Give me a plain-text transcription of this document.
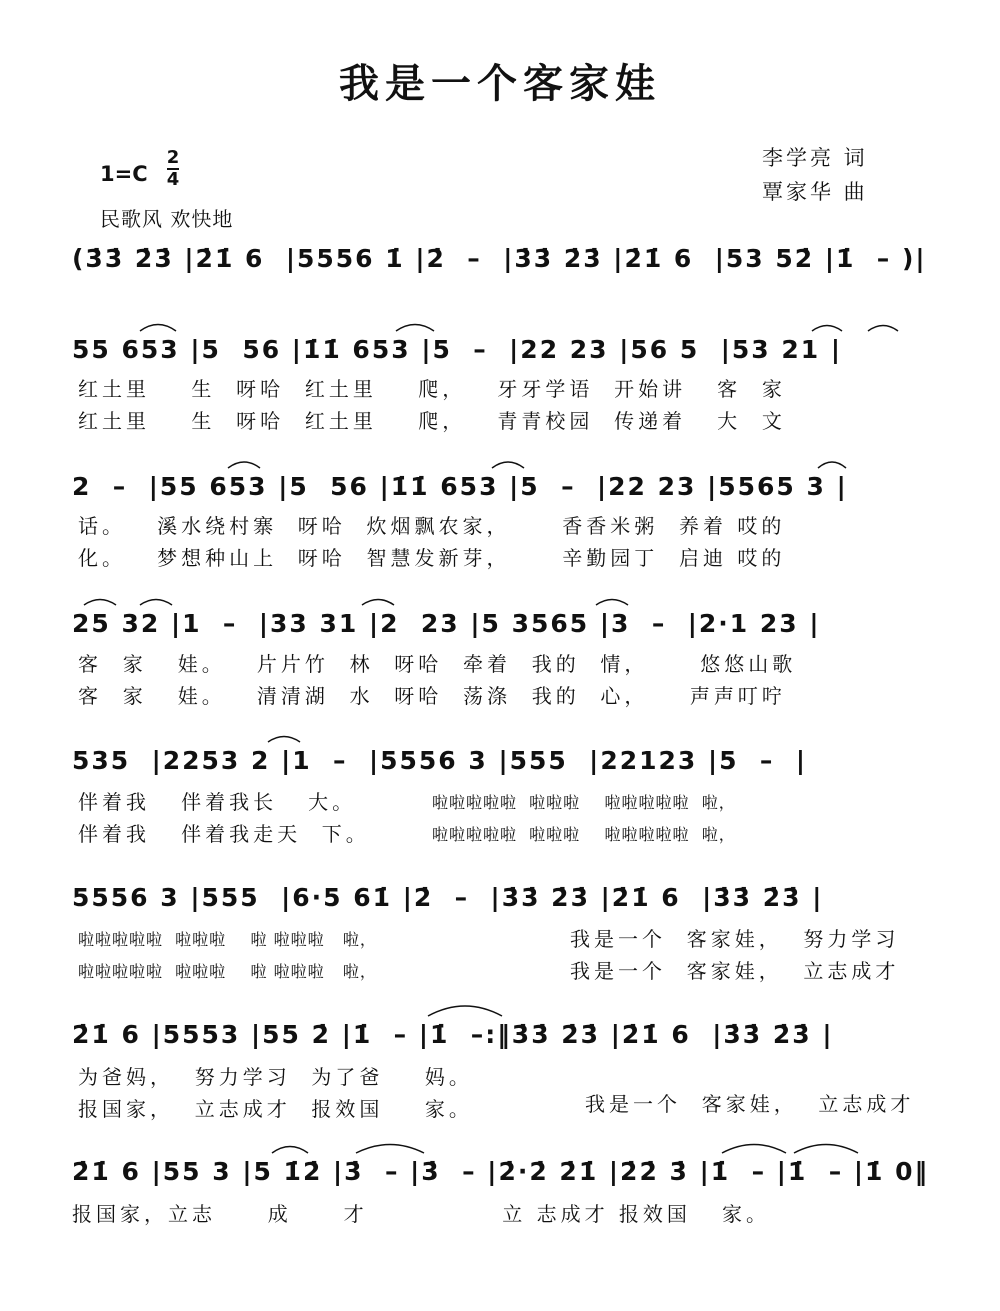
我是一个客家娃
李学亮 词
覃家华 曲
1=C
2
4
民歌风 欢快地
(3̇3̇ 2̇3̇ |2̇1̇ 6  |5556 1̇ |2̇  –  |3̇3̇ 2̇3̇ |2̇1̇ 6  |53 52̇ |1̇  – )|
55 653 |5  56 |1̇1̇ 653 |5  –  |22 23 |56 5  |53 21 |
红土里    生  呀哈  红土里    爬，   牙牙学语  开始讲   客  家
红土里    生  呀哈  红土里    爬，   青青校园  传递着   大  文
2  –  |55 653 |5  56 |1̇1̇ 653 |5  –  |22 23 |5565 3 |
话。   溪水绕村寨  呀哈  炊烟飘农家，     香香米粥  养着 哎的
化。   梦想种山上  呀哈  智慧发新芽，     辛勤园丁  启迪 哎的
25 32 |1  –  |33 31 |2  23 |5 3565 |3  –  |2·1 23 |
客  家   娃。   片片竹  林  呀哈  牵着  我的  情，     悠悠山歌
客  家   娃。   清清湖  水  呀哈  荡涤  我的  心，    声声叮咛
535  |2253 2 |1  –  |5556 3 |555  |22123 |5  –  |
伴着我   伴着我长   大。
伴着我   伴着我走天  下。
啦啦啦啦啦  啦啦啦    啦啦啦啦啦  啦，
啦啦啦啦啦  啦啦啦    啦啦啦啦啦  啦，
5556 3 |555  |6·5 61̇ |2̇  –  |3̇3̇ 2̇3̇ |2̇1̇ 6  |3̇3̇ 2̇3̇ |
啦啦啦啦啦  啦啦啦    啦 啦啦啦   啦，
啦啦啦啦啦  啦啦啦    啦 啦啦啦   啦，
我是一个  客家娃，  努力学习
我是一个  客家娃，  立志成才
2̇1̇ 6 |5553 |55 2̇ |1̇  – |1̇  –:‖3̇3̇ 2̇3̇ |2̇1̇ 6  |3̇3̇ 2̇3̇ |
为爸妈，  努力学习  为了爸    妈。
报国家，  立志成才  报效国    家。	我是一个  客家娃，  立志成才
2̇1̇ 6 |55 3 |5 1̇2̇ |3̇  – |3̇  – |2̇·2̇ 2̇1̇ |2̇2̇ 3̇ |1̇  – |1̇  – |1̇ 0‖
报国家，立志     成     才             立 志成才 报效国   家。
